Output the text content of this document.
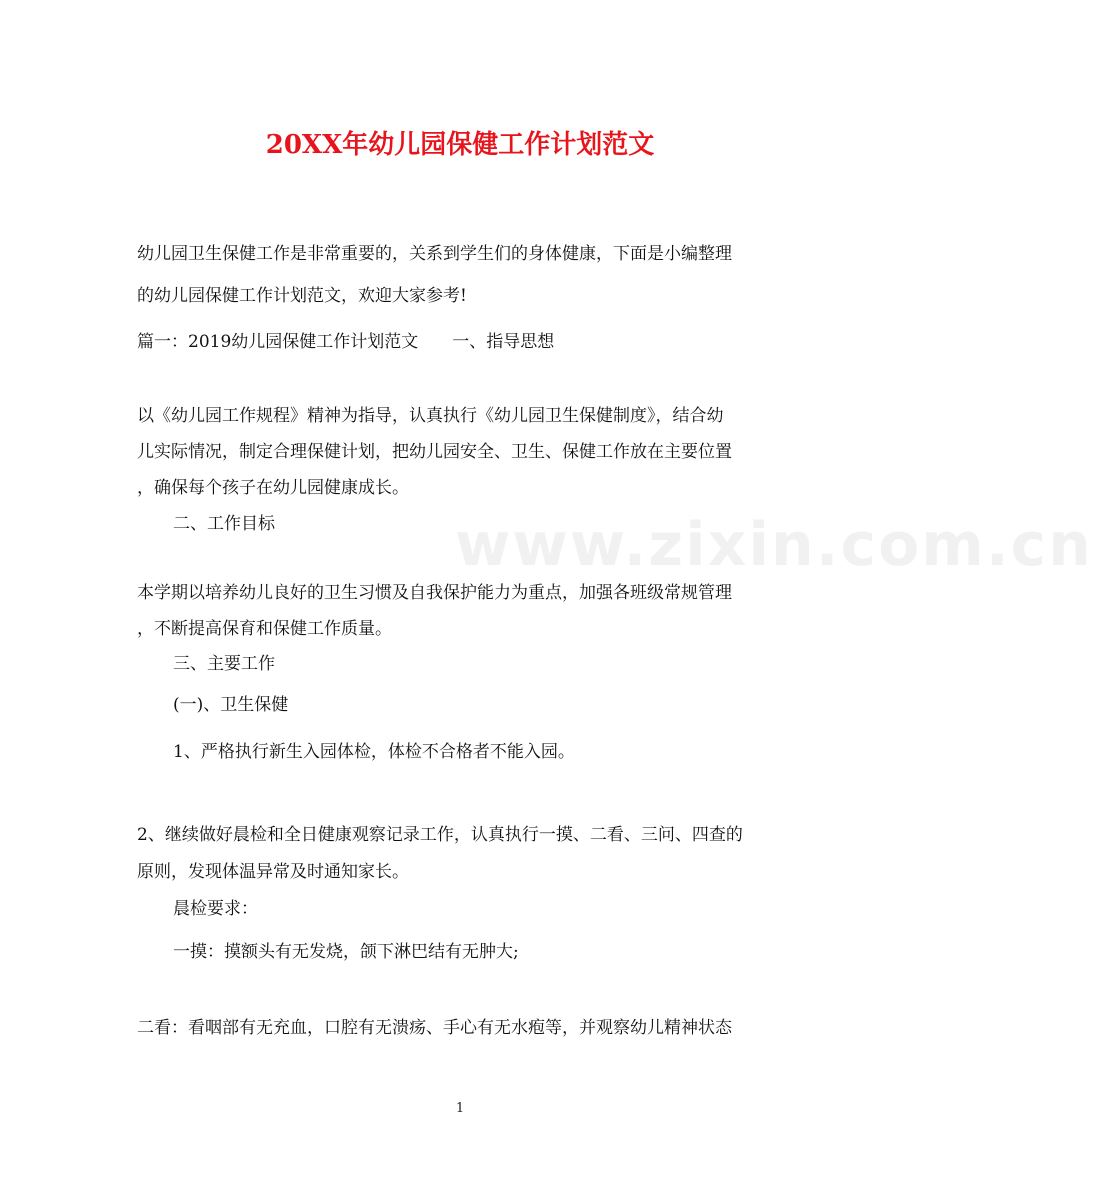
www.zixin.com.cn
20XX年幼儿园保健工作计划范文
幼儿园卫生保健工作是非常重要的，关系到学生们的身体健康，下面是小编整理
的幼儿园保健工作计划范文，欢迎大家参考!
篇一：2019幼儿园保健工作计划范文　　一、指导思想
以《幼儿园工作规程》精神为指导，认真执行《幼儿园卫生保健制度》，结合幼
儿实际情况，制定合理保健计划，把幼儿园安全、卫生、保健工作放在主要位置
，确保每个孩子在幼儿园健康成长。
二、工作目标
本学期以培养幼儿良好的卫生习惯及自我保护能力为重点，加强各班级常规管理
，不断提高保育和保健工作质量。
三、主要工作
(一)、卫生保健
1、严格执行新生入园体检，体检不合格者不能入园。
2、继续做好晨检和全日健康观察记录工作，认真执行一摸、二看、三问、四查的
原则，发现体温异常及时通知家长。
晨检要求：
一摸：摸额头有无发烧，颌下淋巴结有无肿大;
二看：看咽部有无充血，口腔有无溃疡、手心有无水疱等，并观察幼儿精神状态
1
